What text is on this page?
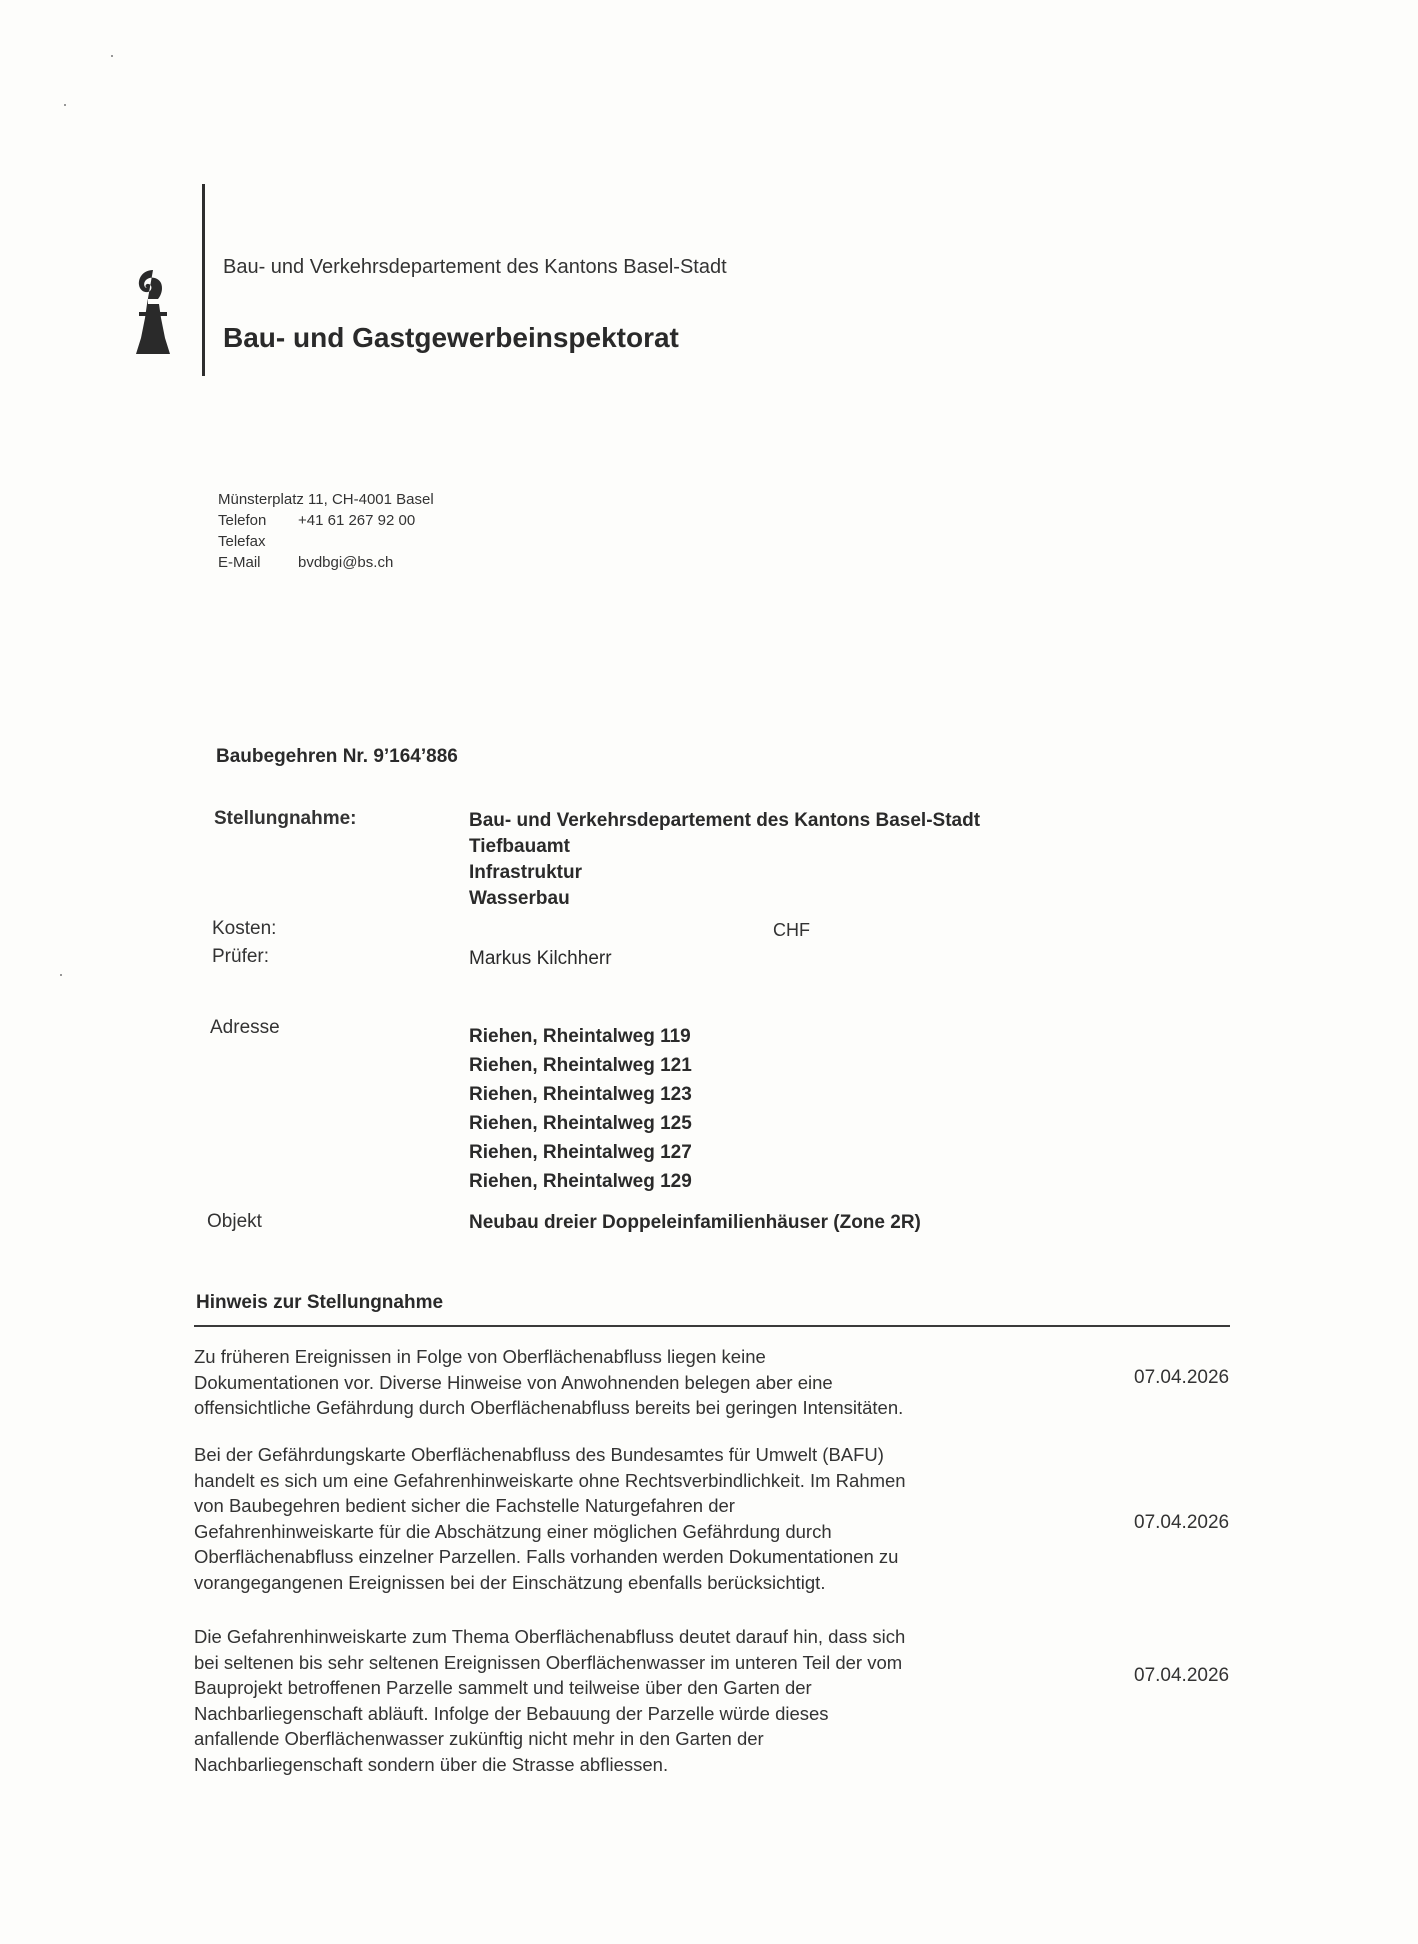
Bau- und Verkehrsdepartement des Kantons Basel-Stadt
Bau- und Gastgewerbeinspektorat
Münsterplatz 11, CH-4001 Basel
Telefon	+41 61 267 92 00
Telefax
E-Mail	bvdbgi@bs.ch
Baubegehren Nr. 9’164’886
Stellungnahme:	Bau- und Verkehrsdepartement des Kantons Basel-Stadt
Tiefbauamt
Infrastruktur
Wasserbau
Kosten:	CHF
Prüfer:	Markus Kilchherr
Adresse	Riehen, Rheintalweg 119
Riehen, Rheintalweg 121
Riehen, Rheintalweg 123
Riehen, Rheintalweg 125
Riehen, Rheintalweg 127
Riehen, Rheintalweg 129
Objekt	Neubau dreier Doppeleinfamilienhäuser (Zone 2R)
Hinweis zur Stellungnahme
Zu früheren Ereignissen in Folge von Oberflächenabfluss liegen keine
Dokumentationen vor. Diverse Hinweise von Anwohnenden belegen aber eine
offensichtliche Gefährdung durch Oberflächenabfluss bereits bei geringen Intensitäten.
07.04.2026
Bei der Gefährdungskarte Oberflächenabfluss des Bundesamtes für Umwelt (BAFU)
handelt es sich um eine Gefahrenhinweiskarte ohne Rechtsverbindlichkeit. Im Rahmen
von Baubegehren bedient sicher die Fachstelle Naturgefahren der
Gefahrenhinweiskarte für die Abschätzung einer möglichen Gefährdung durch
Oberflächenabfluss einzelner Parzellen. Falls vorhanden werden Dokumentationen zu
vorangegangenen Ereignissen bei der Einschätzung ebenfalls berücksichtigt.
07.04.2026
Die Gefahrenhinweiskarte zum Thema Oberflächenabfluss deutet darauf hin, dass sich
bei seltenen bis sehr seltenen Ereignissen Oberflächenwasser im unteren Teil der vom
Bauprojekt betroffenen Parzelle sammelt und teilweise über den Garten der
Nachbarliegenschaft abläuft. Infolge der Bebauung der Parzelle würde dieses
anfallende Oberflächenwasser zukünftig nicht mehr in den Garten der
Nachbarliegenschaft sondern über die Strasse abfliessen.
07.04.2026
